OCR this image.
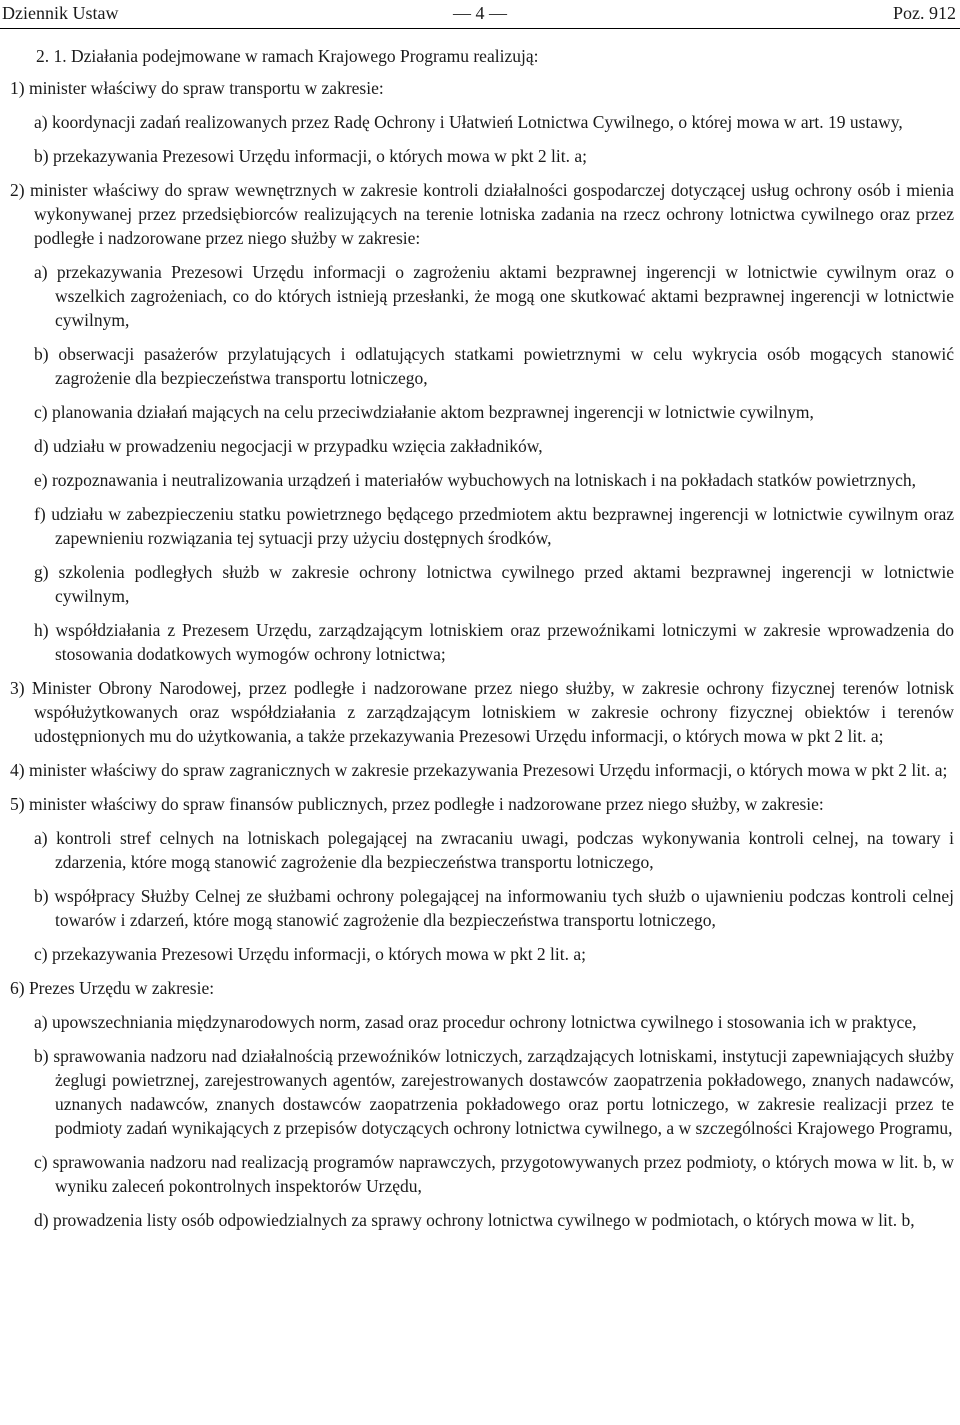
Dziennik Ustaw	— 4 —	Poz. 912

2. 1. Działania podejmowane w ramach Krajowego Programu realizują:

1) minister właściwy do spraw transportu w zakresie:

a) koordynacji zadań realizowanych przez Radę Ochrony i Ułatwień Lotnictwa Cywilnego, o której mowa w art. 19 ustawy,

b) przekazywania Prezesowi Urzędu informacji, o których mowa w pkt 2 lit. a;

2) minister właściwy do spraw wewnętrznych w zakresie kontroli działalności gospodarczej dotyczącej usług ochrony osób i mienia wykonywanej przez przedsiębiorców realizujących na terenie lotniska zadania na rzecz ochrony lotnictwa cywilnego oraz przez podległe i nadzorowane przez niego służby w zakresie:

a) przekazywania Prezesowi Urzędu informacji o zagrożeniu aktami bezprawnej ingerencji w lotnictwie cywilnym oraz o wszelkich zagrożeniach, co do których istnieją przesłanki, że mogą one skutkować aktami bezprawnej ingerencji w lotnictwie cywilnym,

b) obserwacji pasażerów przylatujących i odlatujących statkami powietrznymi w celu wykrycia osób mogących stanowić zagrożenie dla bezpieczeństwa transportu lotniczego,

c) planowania działań mających na celu przeciwdziałanie aktom bezprawnej ingerencji w lotnictwie cywilnym,

d) udziału w prowadzeniu negocjacji w przypadku wzięcia zakładników,

e) rozpoznawania i neutralizowania urządzeń i materiałów wybuchowych na lotniskach i na pokładach statków powietrznych,

f) udziału w zabezpieczeniu statku powietrznego będącego przedmiotem aktu bezprawnej ingerencji w lotnictwie cywilnym oraz zapewnieniu rozwiązania tej sytuacji przy użyciu dostępnych środków,

g) szkolenia podległych służb w zakresie ochrony lotnictwa cywilnego przed aktami bezprawnej ingerencji w lotnictwie cywilnym,

h) współdziałania z Prezesem Urzędu, zarządzającym lotniskiem oraz przewoźnikami lotniczymi w zakresie wprowadzenia do stosowania dodatkowych wymogów ochrony lotnictwa;

3) Minister Obrony Narodowej, przez podległe i nadzorowane przez niego służby, w zakresie ochrony fizycznej terenów lotnisk współużytkowanych oraz współdziałania z zarządzającym lotniskiem w zakresie ochrony fizycznej obiektów i terenów udostępnionych mu do użytkowania, a także przekazywania Prezesowi Urzędu informacji, o których mowa w pkt 2 lit. a;

4) minister właściwy do spraw zagranicznych w zakresie przekazywania Prezesowi Urzędu informacji, o których mowa w pkt 2 lit. a;

5) minister właściwy do spraw finansów publicznych, przez podległe i nadzorowane przez niego służby, w zakresie:

a) kontroli stref celnych na lotniskach polegającej na zwracaniu uwagi, podczas wykonywania kontroli celnej, na towary i zdarzenia, które mogą stanowić zagrożenie dla bezpieczeństwa transportu lotniczego,

b) współpracy Służby Celnej ze służbami ochrony polegającej na informowaniu tych służb o ujawnieniu podczas kontroli celnej towarów i zdarzeń, które mogą stanowić zagrożenie dla bezpieczeństwa transportu lotniczego,

c) przekazywania Prezesowi Urzędu informacji, o których mowa w pkt 2 lit. a;

6) Prezes Urzędu w zakresie:

a) upowszechniania międzynarodowych norm, zasad oraz procedur ochrony lotnictwa cywilnego i stosowania ich w praktyce,

b) sprawowania nadzoru nad działalnością przewoźników lotniczych, zarządzających lotniskami, instytucji zapewniających służby żeglugi powietrznej, zarejestrowanych agentów, zarejestrowanych dostawców zaopatrzenia pokładowego, znanych nadawców, uznanych nadawców, znanych dostawców zaopatrzenia pokładowego oraz portu lotniczego, w zakresie realizacji przez te podmioty zadań wynikających z przepisów dotyczących ochrony lotnictwa cywilnego, a w szczególności Krajowego Programu,

c) sprawowania nadzoru nad realizacją programów naprawczych, przygotowywanych przez podmioty, o których mowa w lit. b, w wyniku zaleceń pokontrolnych inspektorów Urzędu,

d) prowadzenia listy osób odpowiedzialnych za sprawy ochrony lotnictwa cywilnego w podmiotach, o których mowa w lit. b,
